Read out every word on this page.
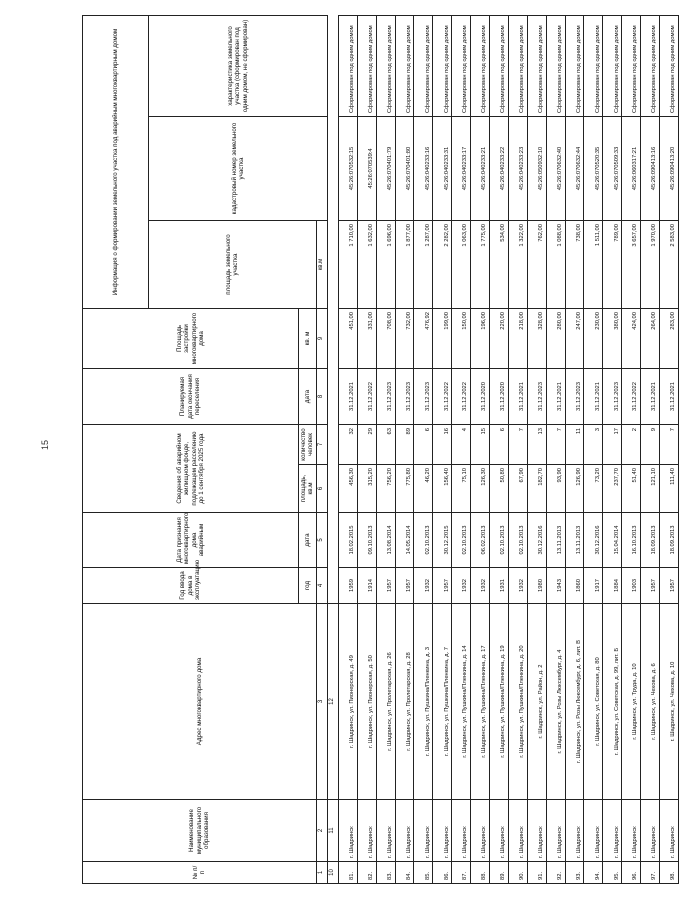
15
№ п/п	Наименование муниципального образования	Адрес многоквартирного дома	Год ввода дома в эксплуатацию	Дата признания многоквартирного дома аварийным	Сведения об аварийном жилищном фонде, подлежащем расселению до 1 сентября 2025 года		Планируемая дата окончания переселения	Площадь застройки многоквартирного дома	Информация о формировании земельного участка под аварийным многоквартирным домом		
									площадь земельного участка	кадастровый номер земельного участка	характеристика земельного участка (сформирован под одним домом, не сформирован)
			год	дата	площадь, кв.м	количество человек	дата	кв. м			
1	2	3	4	5	6	7	8	9	кв.м		
10	11	12									
81.	г. Шадринск	г. Шадринск, ул. Пионерская, д. 49	1959	18.02.2015	456,30	32	31.12.2021	451,00	1 710,00	45:26:070532:15	Сформирован под одним домом
82.	г. Шадринск	г. Шадринск, ул. Пионерская, д. 50	1914	09.10.2013	315,20	29	31.12.2022	331,00	1 632,00	45:26:070539:4	Сформирован под одним домом
83.	г. Шадринск	г. Шадринск, ул. Пролетарская, д. 26	1957	13.08.2014	756,20	63	31.12.2023	708,00	1 696,00	45:26:070401:79	Сформирован под одним домом
84.	г. Шадринск	г. Шадринск, ул. Пролетарская, д. 28	1957	14.05.2014	775,80	89	31.12.2023	732,00	1 877,00	45:26:070401:80	Сформирован под одним домом
85.	г. Шадринск	г. Шадринск, ул. Пушкина/Пленкина, д. 3	1932	02.10.2013	46,20	6	31.12.2023	476,92	1 287,00	45:26:040233:16	Сформирован под одним домом
86.	г. Шадринск	г. Шадринск, ул. Пушкина/Пленкина, д. 7	1957	30.12.2015	156,40	16	31.12.2022	199,00	2 282,00	45:26:040233:31	Сформирован под одним домом
87.	г. Шадринск	г. Шадринск, ул. Пушкина/Пленкина, д. 14	1932	02.10.2013	75,10	4	31.12.2022	150,00	1 063,00	45:26:040233:17	Сформирован под одним домом
88.	г. Шадринск	г. Шадринск, ул. Пушкина/Пленкина, д. 17	1932	06.02.2013	126,30	15	31.12.2020	196,00	1 775,00	45:26:040233:21	Сформирован под одним домом
89.	г. Шадринск	г. Шадринск, ул. Пушкина/Пленкина, д. 19	1931	02.10.2013	50,80	6	31.12.2020	220,00	534,00	45:26:040233:22	Сформирован под одним домом
90.	г. Шадринск	г. Шадринск, ул. Пушкина/Пленкина, д. 20	1932	02.10.2013	67,90	7	31.12.2021	218,00	1 322,00	45:26:040233:23	Сформирован под одним домом
91.	г. Шадринск	г. Шадринск, ул. Район, д. 2	1980	30.12.2016	182,70	13	31.12.2023	328,00	762,00	45:26:050932:10	Сформирован под одним домом
92.	г. Шадринск	г. Шадринск, ул. Розы Люксембург, д. 4	1943	13.11.2013	93,90	7	31.12.2021	280,00	1 088,00	45:26:070632:40	Сформирован под одним домом
93.	г. Шадринск	г. Шадринск, ул. Розы Люксембург, д. 6, лит. В	1860	13.11.2013	126,90	11	31.12.2023	247,00	738,00	45:26:070632:44	Сформирован под одним домом
94.	г. Шадринск	г. Шадринск, ул. Советская, д. 80	1917	30.12.2016	73,20	3	31.12.2021	230,00	1 511,00	45:26:070520:35	Сформирован под одним домом
95.	г. Шадринск	г. Шадринск, ул. Советская, д. 99, лит. Б	1884	15.04.2014	237,70	17	31.12.2023	380,00	789,00	45:26:070509:33	Сформирован под одним домом
96.	г. Шадринск	г. Шадринск, ул. Труда, д. 10	1903	16.10.2013	51,40	2	31.12.2022	424,00	3 657,00	45:26:060317:21	Сформирован под одним домом
97.	г. Шадринск	г. Шадринск, ул. Чехова, д. 6	1957	18.09.2013	121,10	9	31.12.2021	264,00	1 970,00	45:26:090413:16	Сформирован под одним домом
98.	г. Шадринск	г. Шадринск, ул. Чехова, д. 10	1957	18.09.2013	111,40	7	31.12.2021	283,00	2 583,00	45:26:090413:20	Сформирован под одним домом
